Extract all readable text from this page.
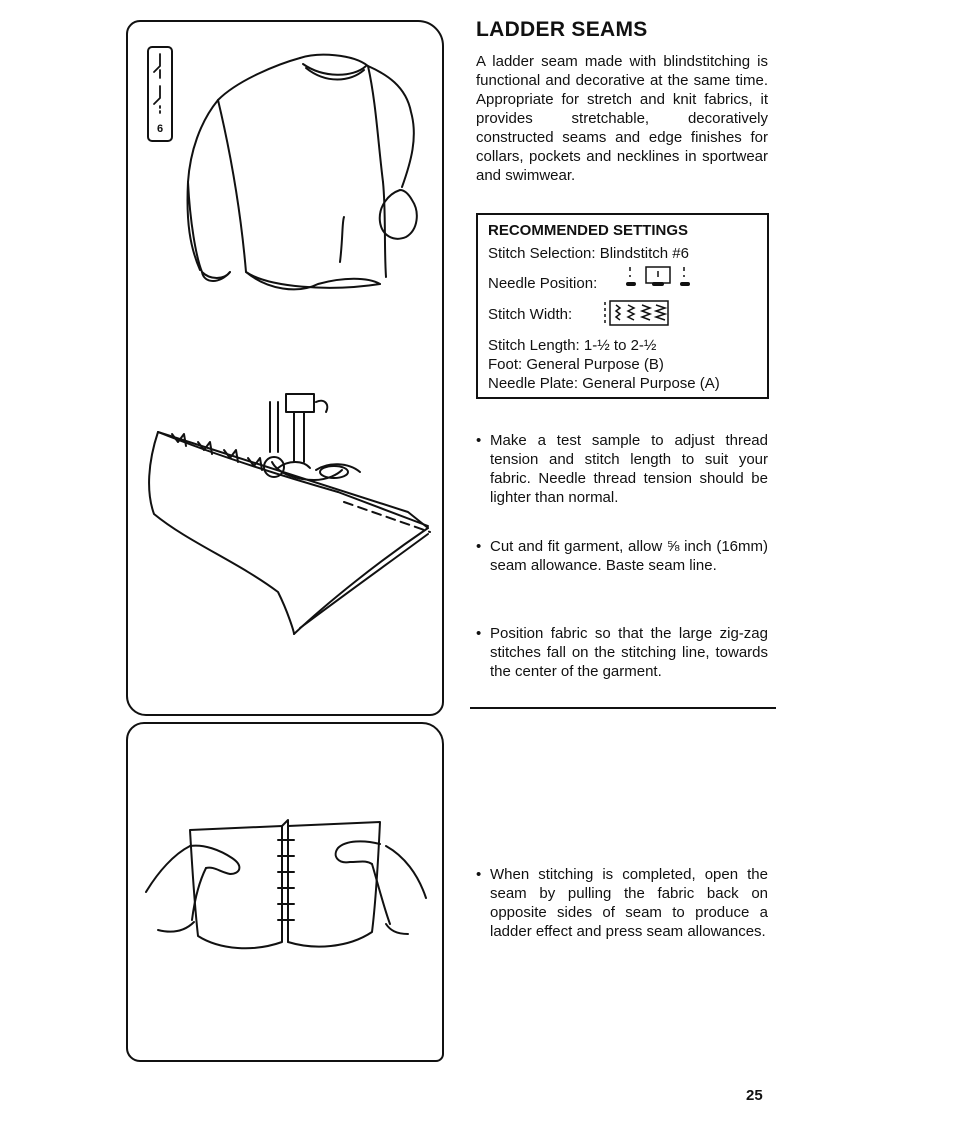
6
LADDER SEAMS

A ladder seam made with blindstitching is functional and decorative at the same time. Appropriate for stretch and knit fabrics, it provides stretchable, decoratively constructed seams and edge finishes for collars, pockets and necklines in sportwear and swimwear.

RECOMMENDED SETTINGS
Stitch Selection: Blindstitch #6
Needle Position:
Stitch Width:
Stitch Length: 1-½ to 2-½
Foot: General Purpose (B)
Needle Plate: General Purpose (A)
• Make a test sample to adjust thread tension and stitch length to suit your fabric. Needle thread tension should be lighter than normal.
• Cut and fit garment, allow ⅝ inch (16mm) seam allowance. Baste seam line.
• Position fabric so that the large zig-zag stitches fall on the stitching line, towards the center of the garment.
• When stitching is completed, open the seam by pulling the fabric back on opposite sides of seam to produce a ladder effect and press seam allowances.
25
